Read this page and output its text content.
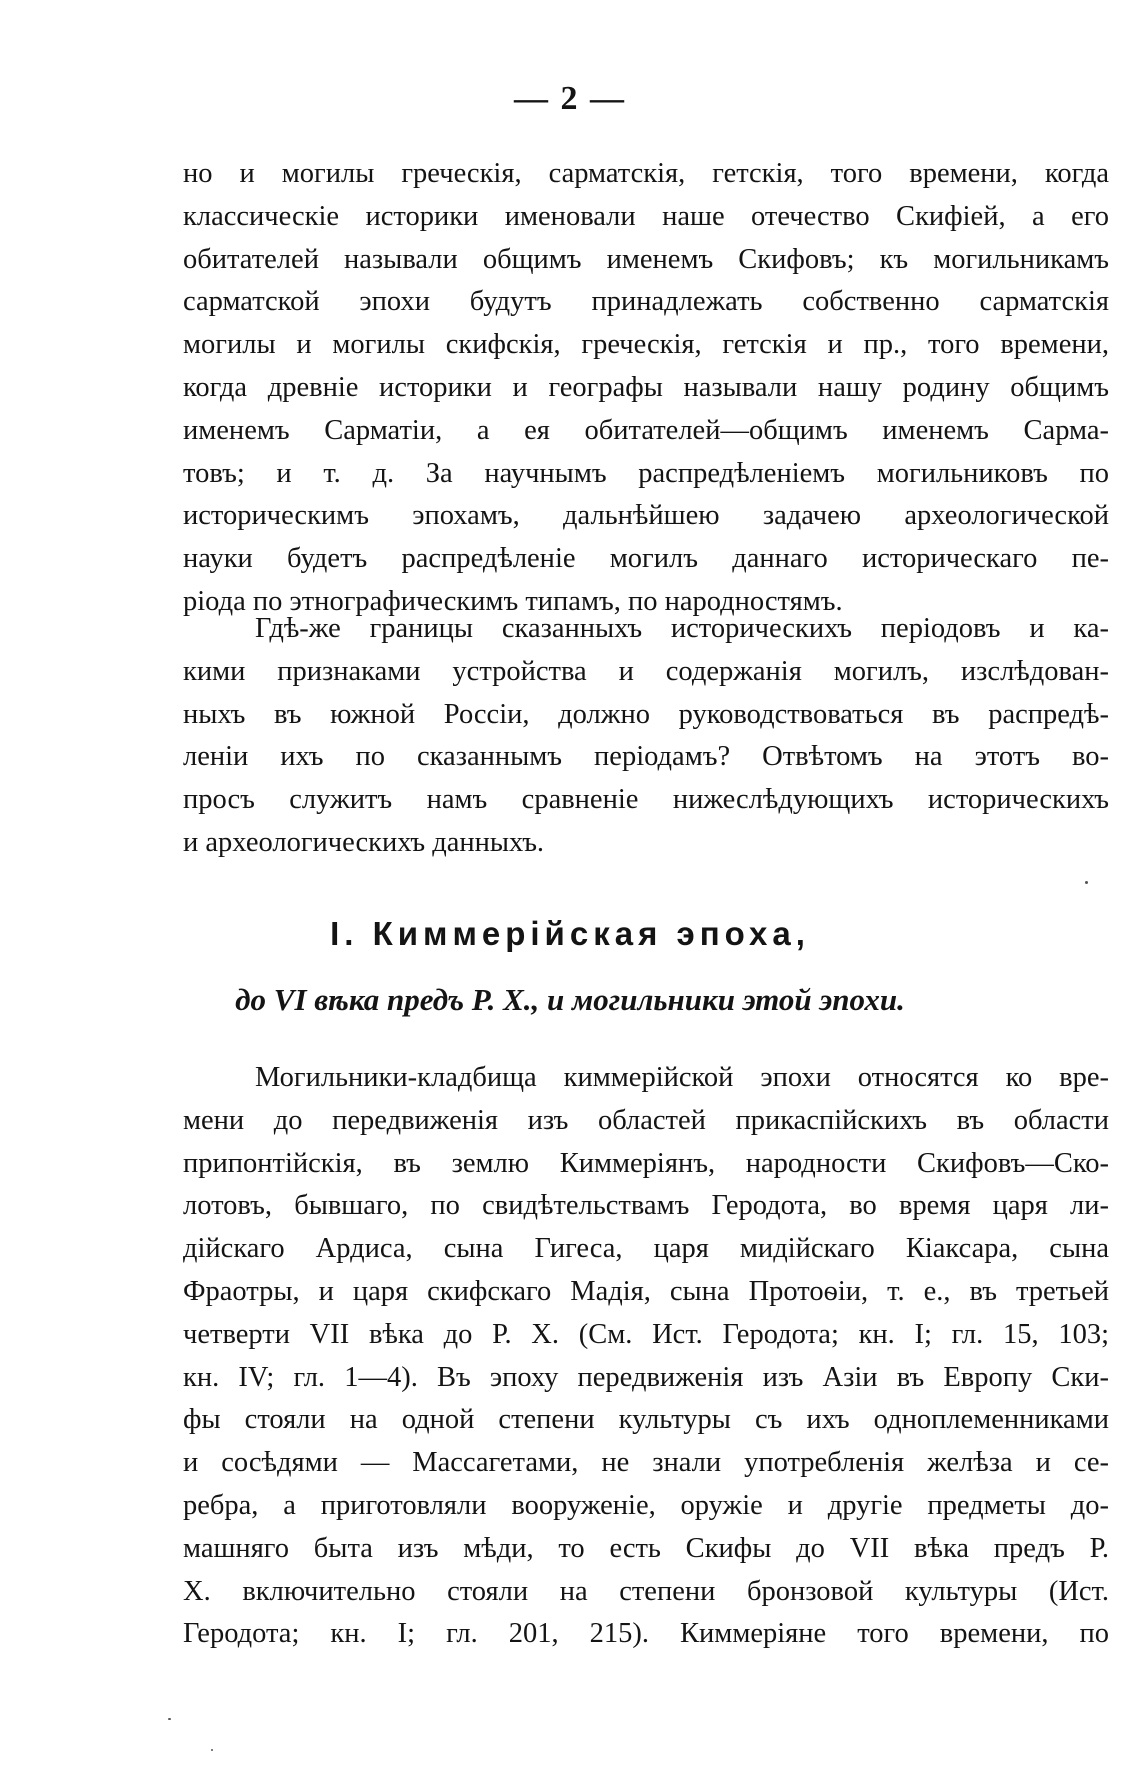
— 2 —
но и могилы греческія, сарматскія, гетскія, того времени, когда
классическіе историки именовали наше отечество Скифіей, а его
обитателей называли общимъ именемъ Скифовъ; къ могильникамъ
сарматской эпохи будутъ принадлежать собственно сарматскія
могилы и могилы скифскія, греческія, гетскія и пр., того времени,
когда древніе историки и географы называли нашу родину общимъ
именемъ Сарматіи, а ея обитателей—общимъ именемъ Сарма-
товъ; и т. д. За научнымъ распредѣленіемъ могильниковъ по
историческимъ эпохамъ, дальнѣйшею задачею археологической
науки будетъ распредѣленіе могилъ даннаго историческаго пе-
ріода по этнографическимъ типамъ, по народностямъ.
Гдѣ-же границы сказанныхъ историческихъ періодовъ и ка-
кими признаками устройства и содержанія могилъ, изслѣдован-
ныхъ въ южной Россіи, должно руководствоваться въ распредѣ-
леніи ихъ по сказаннымъ періодамъ? Отвѣтомъ на этотъ во-
просъ служитъ намъ сравненіе нижеслѣдующихъ историческихъ
и археологическихъ данныхъ.
I. Киммерійская эпоха,
до VI вѣка предъ Р. Х., и могильники этой эпохи.
Могильники-кладбища киммерійской эпохи относятся ко вре-
мени до передвиженія изъ областей прикаспійскихъ въ области
припонтійскія, въ землю Киммеріянъ, народности Скифовъ—Ско-
лотовъ, бывшаго, по свидѣтельствамъ Геродота, во время царя ли-
дійскаго Ардиса, сына Гигеса, царя мидійскаго Кіаксара, сына
Фраотры, и царя скифскаго Мадія, сына Протоѳіи, т. е., въ третьей
четверти VII вѣка до Р. Х. (См. Ист. Геродота; кн. I; гл. 15, 103;
кн. IV; гл. 1—4). Въ эпоху передвиженія изъ Азіи въ Европу Ски-
фы стояли на одной степени культуры съ ихъ одноплеменниками
и сосѣдями — Массагетами, не знали употребленія желѣза и се-
ребра, а приготовляли вооруженіе, оружіе и другіе предметы до-
машняго быта изъ мѣди, то есть Скифы до VII вѣка предъ Р.
Х. включительно стояли на степени бронзовой культуры (Ист.
Геродота; кн. I; гл. 201, 215). Киммеріяне того времени, по
